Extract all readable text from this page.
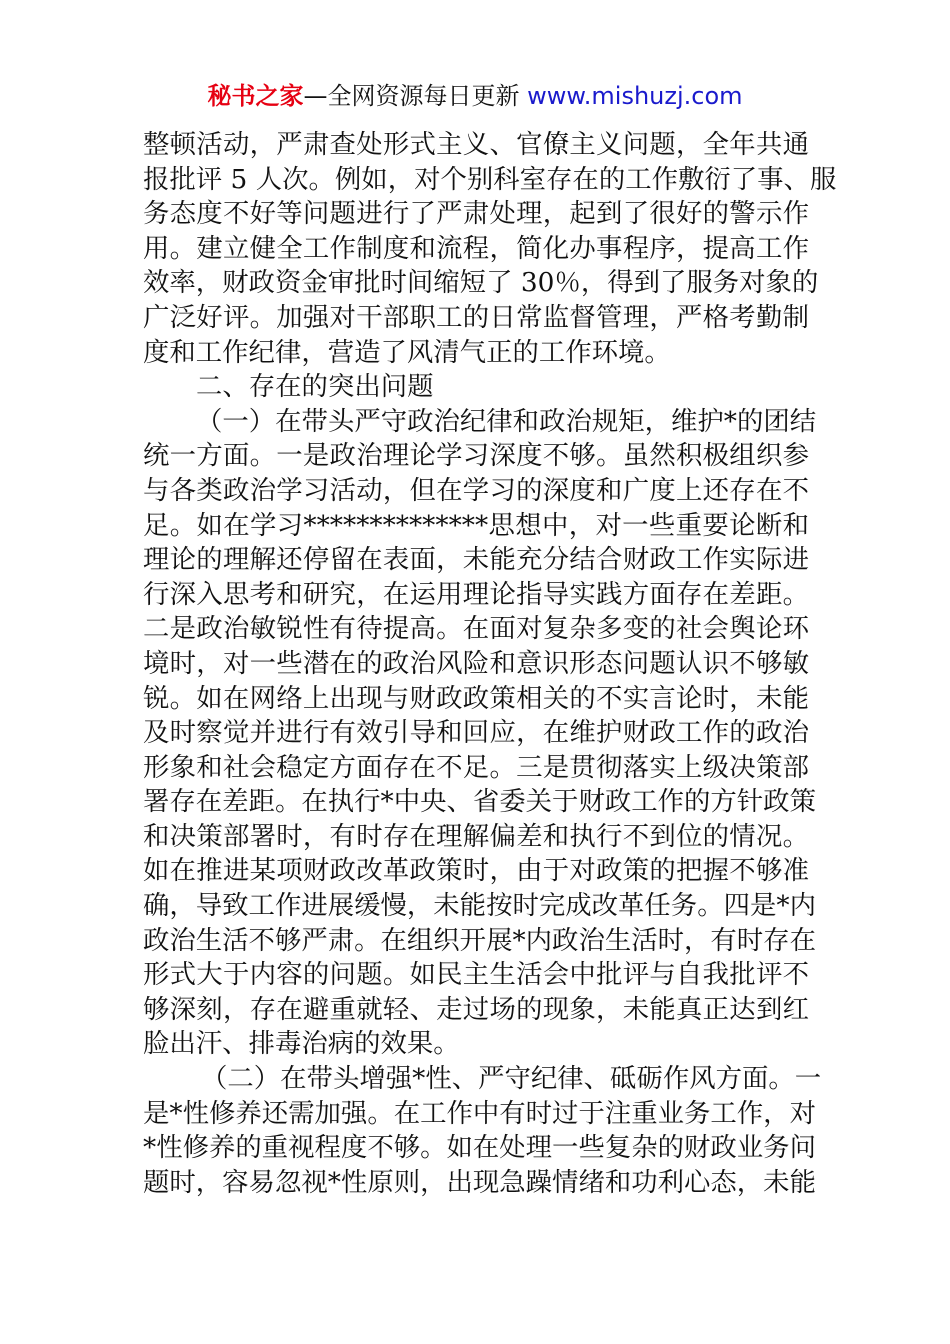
秘书之家—全网资源每日更新 www.mishuzj.com
整顿活动，严肃查处形式主义、官僚主义问题，全年共通
报批评 5 人次。例如，对个别科室存在的工作敷衍了事、服
务态度不好等问题进行了严肃处理，起到了很好的警示作
用。建立健全工作制度和流程，简化办事程序，提高工作
效率，财政资金审批时间缩短了 30％，得到了服务对象的
广泛好评。加强对干部职工的日常监督管理，严格考勤制
度和工作纪律，营造了风清气正的工作环境。
二、存在的突出问题
（一）在带头严守政治纪律和政治规矩，维护*的团结
统一方面。一是政治理论学习深度不够。虽然积极组织参
与各类政治学习活动，但在学习的深度和广度上还存在不
足。如在学习**************思想中，对一些重要论断和
理论的理解还停留在表面，未能充分结合财政工作实际进
行深入思考和研究，在运用理论指导实践方面存在差距。
二是政治敏锐性有待提高。在面对复杂多变的社会舆论环
境时，对一些潜在的政治风险和意识形态问题认识不够敏
锐。如在网络上出现与财政政策相关的不实言论时，未能
及时察觉并进行有效引导和回应，在维护财政工作的政治
形象和社会稳定方面存在不足。三是贯彻落实上级决策部
署存在差距。在执行*中央、省委关于财政工作的方针政策
和决策部署时，有时存在理解偏差和执行不到位的情况。
如在推进某项财政改革政策时，由于对政策的把握不够准
确，导致工作进展缓慢，未能按时完成改革任务。四是*内
政治生活不够严肃。在组织开展*内政治生活时，有时存在
形式大于内容的问题。如民主生活会中批评与自我批评不
够深刻，存在避重就轻、走过场的现象，未能真正达到红
脸出汗、排毒治病的效果。
（二）在带头增强*性、严守纪律、砥砺作风方面。一
是*性修养还需加强。在工作中有时过于注重业务工作，对
*性修养的重视程度不够。如在处理一些复杂的财政业务问
题时，容易忽视*性原则，出现急躁情绪和功利心态，未能
